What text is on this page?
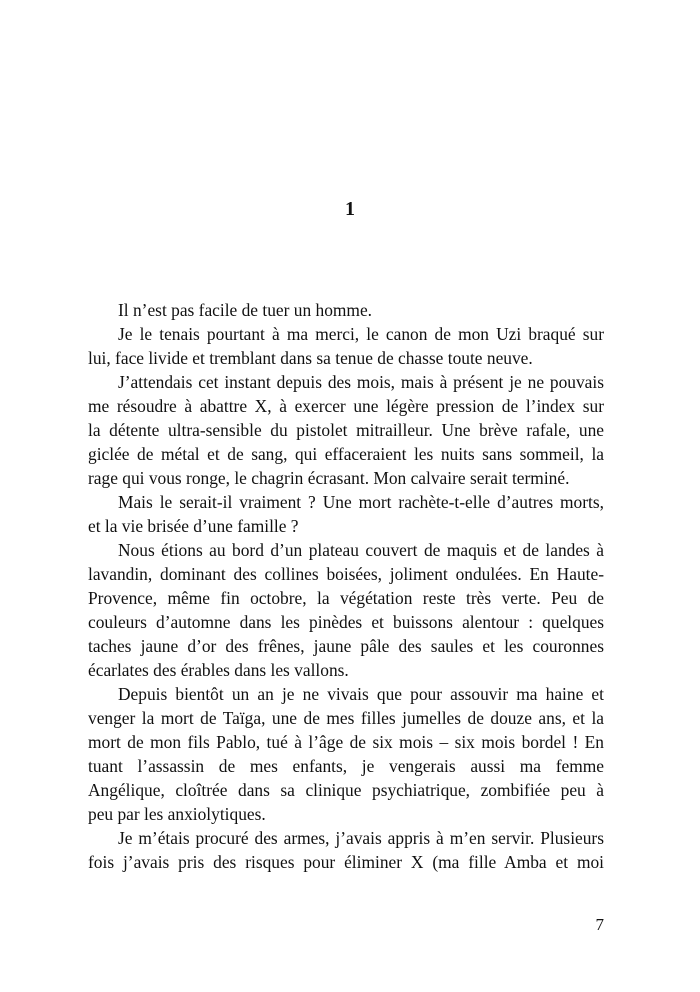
1
Il n’est pas facile de tuer un homme.
Je le tenais pourtant à ma merci, le canon de mon Uzi braqué sur
lui, face livide et tremblant dans sa tenue de chasse toute neuve.
J’attendais cet instant depuis des mois, mais à présent je ne pouvais
me résoudre à abattre X, à exercer une légère pression de l’index sur
la détente ultra-sensible du pistolet mitrailleur. Une brève rafale, une
giclée de métal et de sang, qui effaceraient les nuits sans sommeil, la
rage qui vous ronge, le chagrin écrasant. Mon calvaire serait terminé.
Mais le serait-il vraiment ? Une mort rachète-t-elle d’autres morts,
et la vie brisée d’une famille ?
Nous étions au bord d’un plateau couvert de maquis et de landes à
lavandin, dominant des collines boisées, joliment ondulées. En Haute-
Provence, même fin octobre, la végétation reste très verte. Peu de
couleurs d’automne dans les pinèdes et buissons alentour : quelques
taches jaune d’or des frênes, jaune pâle des saules et les couronnes
écarlates des érables dans les vallons.
Depuis bientôt un an je ne vivais que pour assouvir ma haine et
venger la mort de Taïga, une de mes filles jumelles de douze ans, et la
mort de mon fils Pablo, tué à l’âge de six mois – six mois bordel ! En
tuant l’assassin de mes enfants, je vengerais aussi ma femme
Angélique, cloîtrée dans sa clinique psychiatrique, zombifiée peu à
peu par les anxiolytiques.
Je m’étais procuré des armes, j’avais appris à m’en servir. Plusieurs
fois j’avais pris des risques pour éliminer X (ma fille Amba et moi
7
